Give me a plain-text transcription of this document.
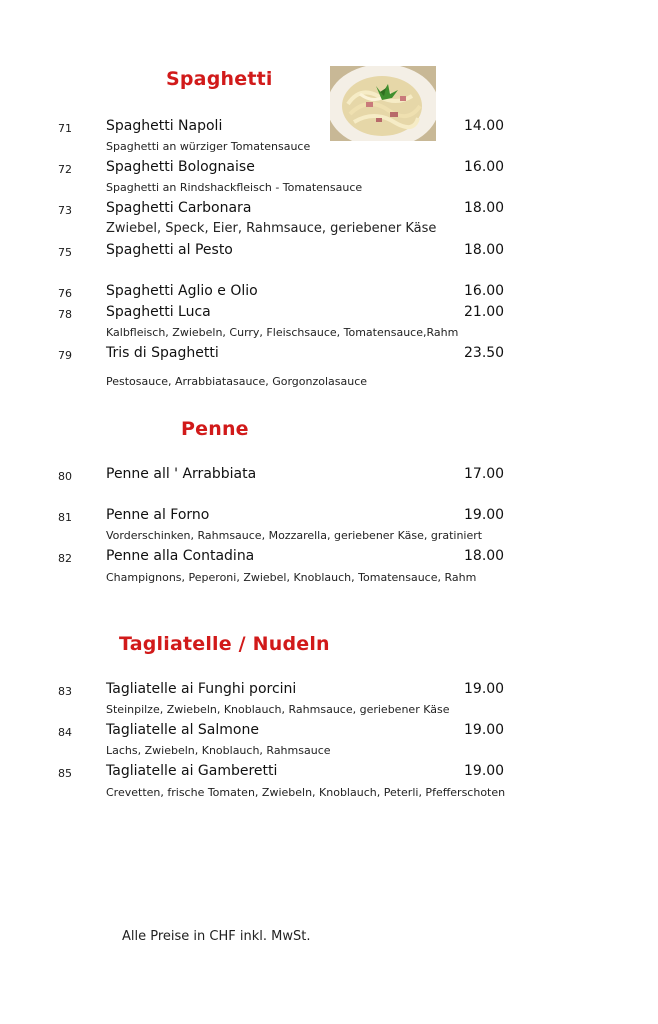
Spaghetti
71 Spaghetti Napoli	14.00
Spaghetti an würziger Tomatensauce
72 Spaghetti Bolognaise	16.00
Spaghetti an Rindshackfleisch - Tomatensauce
73 Spaghetti Carbonara	18.00
Zwiebel, Speck, Eier, Rahmsauce, geriebener Käse
75 Spaghetti al Pesto	18.00
76 Spaghetti Aglio e Olio	16.00
78 Spaghetti Luca	21.00
Kalbfleisch, Zwiebeln, Curry, Fleischsauce, Tomatensauce,Rahm
79 Tris di Spaghetti	23.50
Pestosauce, Arrabbiatasauce, Gorgonzolasauce
Penne
80 Penne all ' Arrabbiata	17.00
81 Penne al Forno	19.00
Vorderschinken, Rahmsauce, Mozzarella, geriebener Käse, gratiniert
82 Penne alla Contadina	18.00
Champignons, Peperoni, Zwiebel, Knoblauch, Tomatensauce, Rahm
Tagliatelle / Nudeln
83 Tagliatelle ai Funghi porcini	19.00
Steinpilze, Zwiebeln, Knoblauch, Rahmsauce, geriebener Käse
84 Tagliatelle al Salmone	19.00
Lachs, Zwiebeln, Knoblauch, Rahmsauce
85 Tagliatelle ai Gamberetti	19.00
Crevetten, frische Tomaten, Zwiebeln, Knoblauch, Peterli, Pfefferschoten
Alle Preise in CHF inkl. MwSt.
